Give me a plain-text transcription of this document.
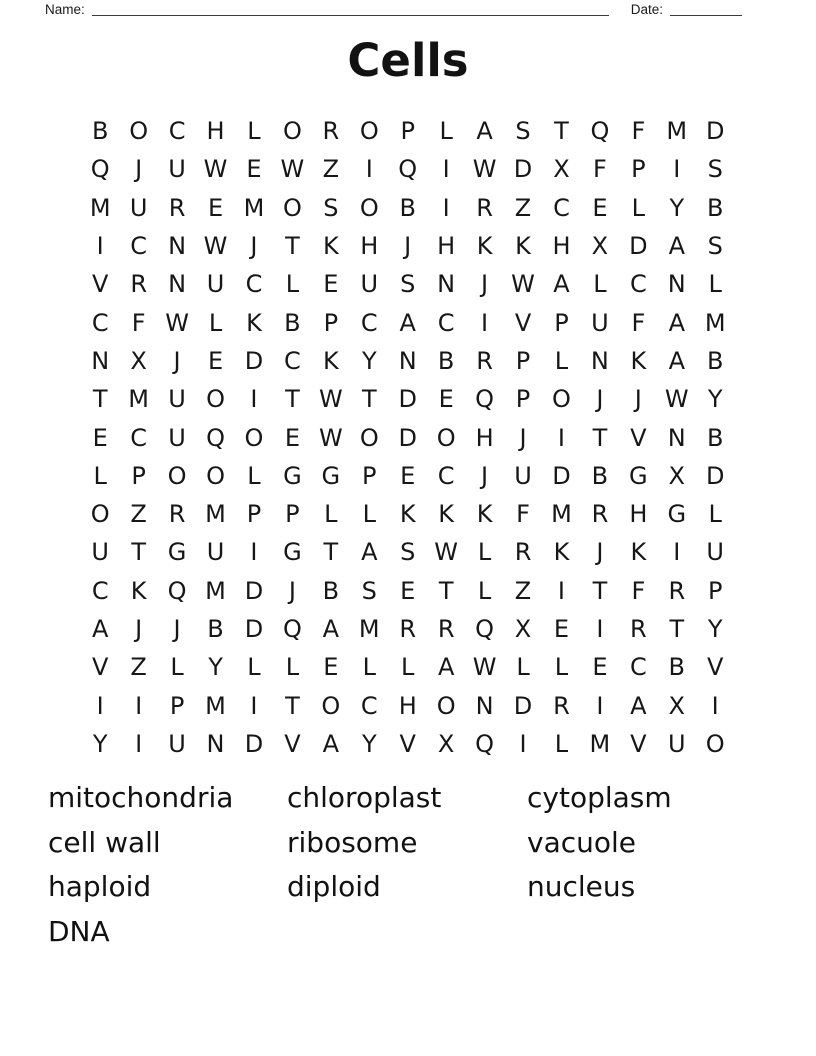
Name:	Date:
Cells
B O C H L O R O P	L A S T Q F M D
Q	J	U W E W Z	I	Q	I W D X F	P	I	S
M U R E M O S O B	I	R Z C E	L	Y B
I	C N W J	T K H	J	H K K H X D A S
V R N U C L	E U S N	J W A L C N L
C F W L K B P C A C	I	V P U F A M
N X	J	E D C K Y N B R P	L N K A B
T M U O	I	T W T D E Q P O	J	J W Y
E C U Q O E W O D O H	J	I	T V N B
L	P O O L G G P E C	J	U D B G X D
O Z R M P P	L	L K K K F M R H G L
U T G U	I	G T A S W L R K	J	K	I	U
C K Q M D	J	B S E T	L Z	I	T	F R P
A	J	J	B D Q A M R R Q X E	I	R T Y
V Z L	Y	L	L	E	L	L A W L	L	E C B V
I	I	P M	I	T O C H O N D R	I	A X	I
Y	I	U N D V A Y V X Q	I	L M V U O
mitochondria
cell wall
haploid
DNA
chloroplast
ribosome
diploid
cytoplasm
vacuole
nucleus
